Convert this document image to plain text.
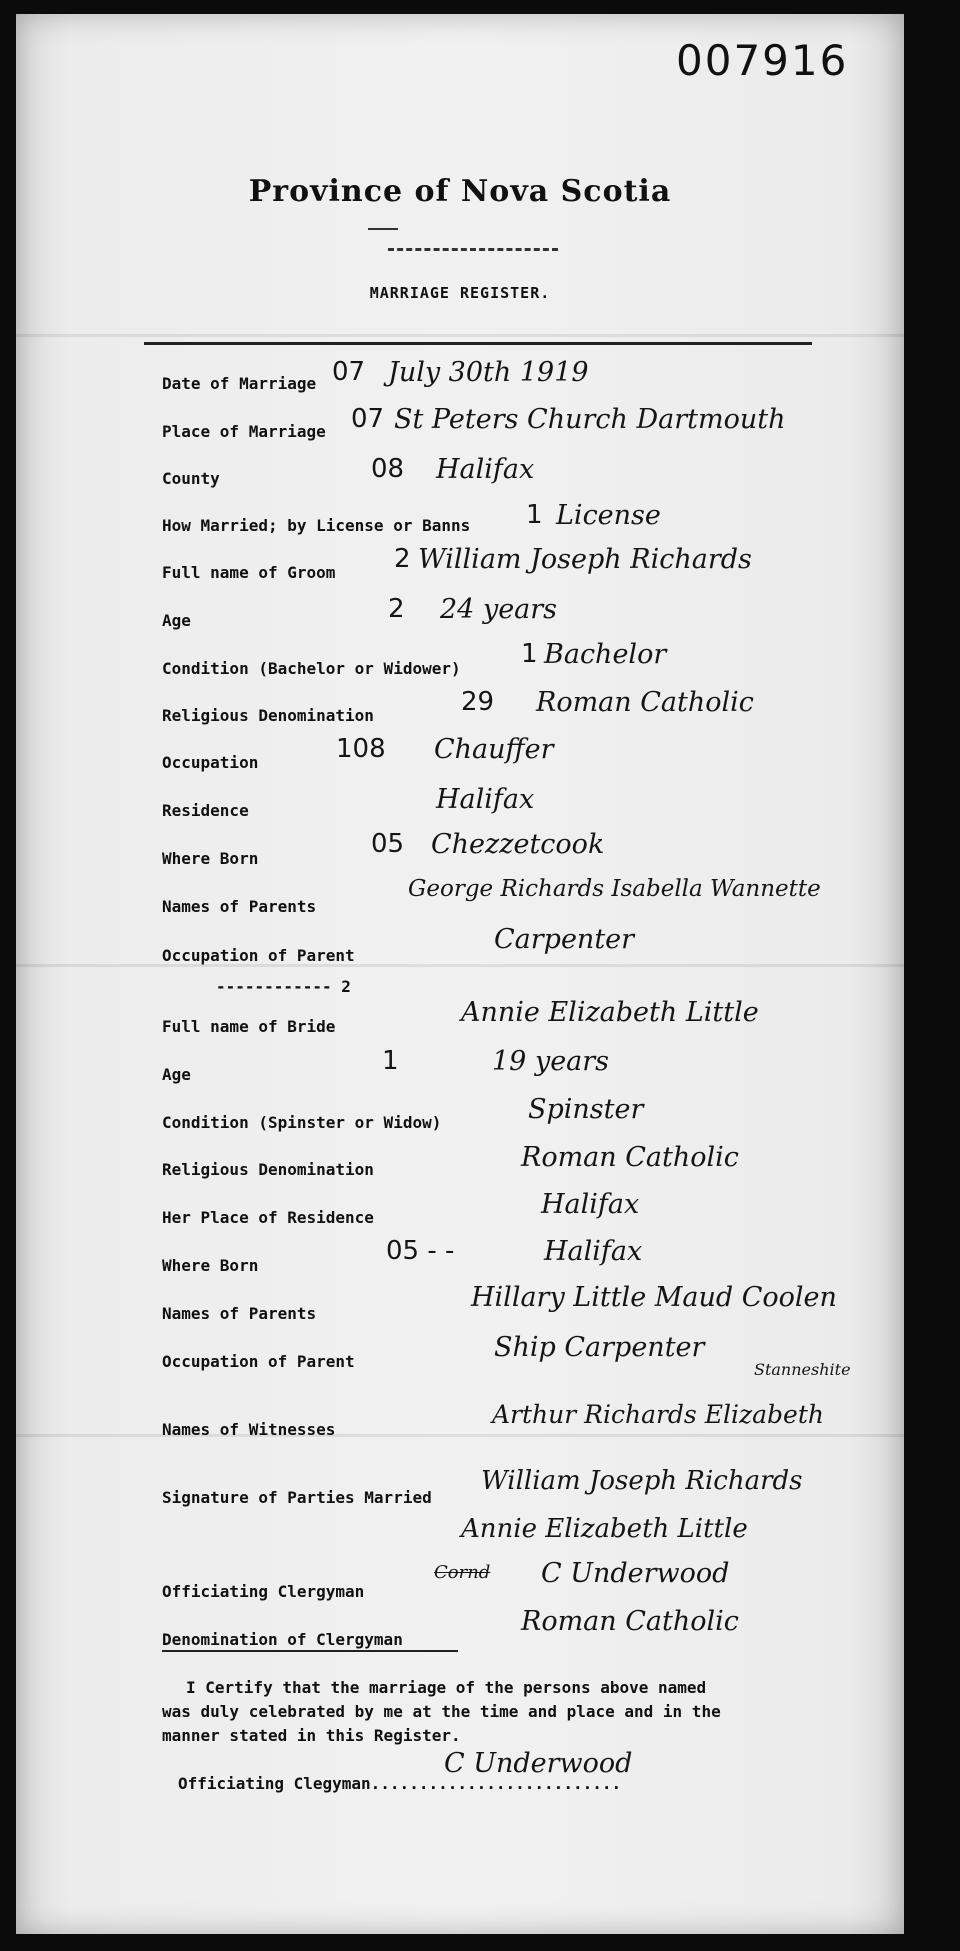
007916
Province of Nova Scotia
MARRIAGE REGISTER.
Date of Marriage 07 July 30th 1919
Place of Marriage 07 St Peters Church Dartmouth
County	08 Halifax
How Married; by License or Banns 1 License
Full name of Groom 2 William Joseph Richards
Age	2 24 years
Condition (Bachelor or Widower) 1 Bachelor
Religious Denomination	29 Roman Catholic
Occupation	108 Chauffer
Residence	Halifax
Where Born	05 Chezzetcook
Names of Parents
George Richards Isabella Wannette
Occupation of Parent
Carpenter
------------ 2
Full name of Bride	Annie Elizabeth Little
Age	1	19 years
Condition (Spinster or Widow)	Spinster
Religious Denomination	Roman Catholic
Her Place of Residence	Halifax
Where Born	05 - -	Halifax
Names of Parents
Hillary Little Maud Coolen
Occupation of Parent	Ship Carpenter
Stanneshite
Names of Witnesses
Arthur Richards Elizabeth
Signature of Parties Married
William Joseph Richards
Annie Elizabeth Little
Officiating Clergyman
Cornd C Underwood
Denomination of Clergyman
Roman Catholic
I Certify that the marriage of the persons above named
was duly celebrated by me at the time and place and in the
manner stated in this Register.
Officiating Clegyman..........................
C Underwood
